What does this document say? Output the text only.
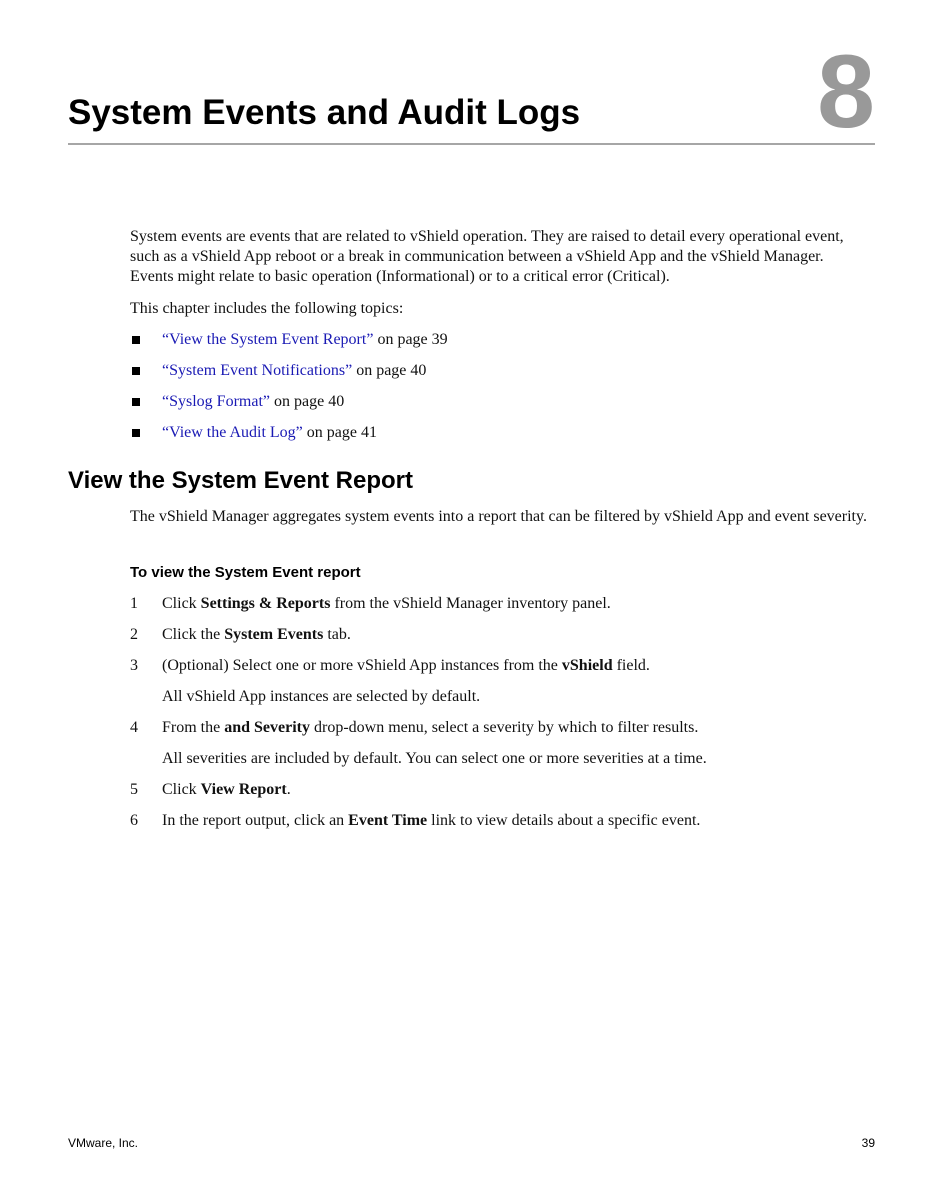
8
System Events and Audit Logs

System events are events that are related to vShield operation. They are raised to detail every operational event, such as a vShield App reboot or a break in communication between a vShield App and the vShield Manager. Events might relate to basic operation (Informational) or to a critical error (Critical).

This chapter includes the following topics:

“View the System Event Report” on page 39
“System Event Notifications” on page 40
“Syslog Format” on page 40
“View the Audit Log” on page 41
View the System Event Report

The vShield Manager aggregates system events into a report that can be filtered by vShield App and event severity.

To view the System Event report
1 Click Settings & Reports from the vShield Manager inventory panel.
2 Click the System Events tab.
3 (Optional) Select one or more vShield App instances from the vShield field.
All vShield App instances are selected by default.
4 From the and Severity drop-down menu, select a severity by which to filter results.
All severities are included by default. You can select one or more severities at a time.
5 Click View Report.
6 In the report output, click an Event Time link to view details about a specific event.
VMware, Inc.	39
